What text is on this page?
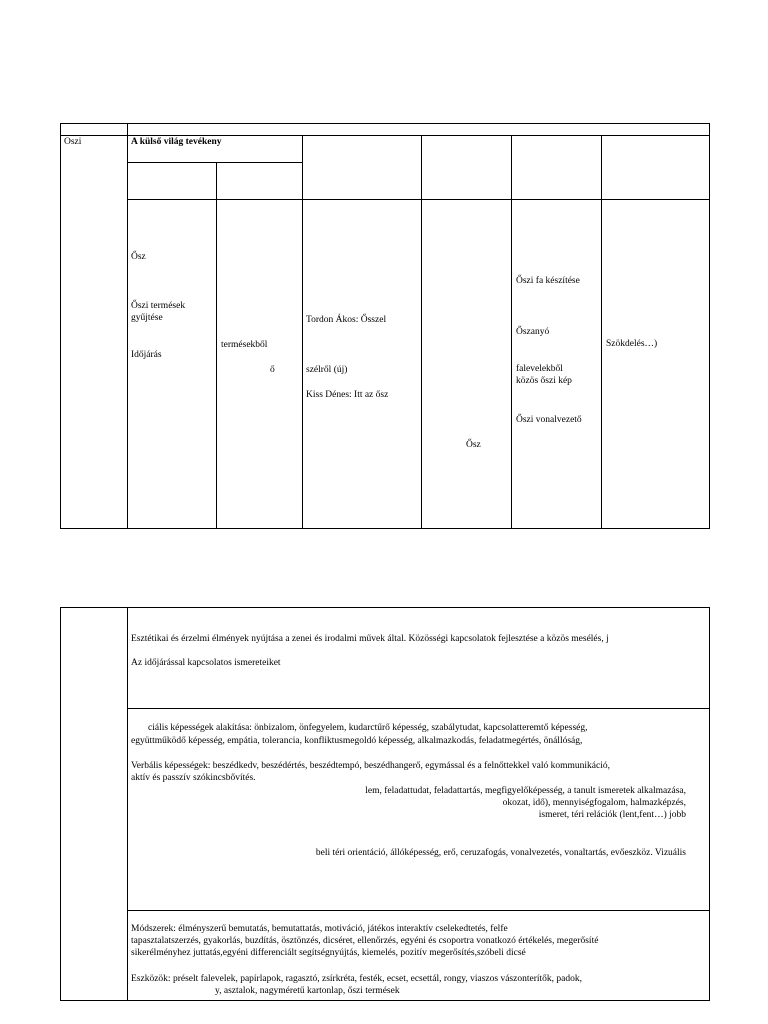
Oszi	A külső világ tevékeny
Ősz
Őszi termések
gyűjtése
Időjárás
termésekből
ő
Tordon Ákos: Ősszel
szélről (új)
Kiss Dénes: Itt az ősz
Ősz
Őszi fa készítése
Őszanyó
falevelekből
közös őszi kép
Őszi vonalvezető
Szökdelés…)
Esztétikai és érzelmi élmények nyújtása a zenei és irodalmi művek által. Közösségi kapcsolatok fejlesztése a közös mesélés, j
Az időjárással kapcsolatos ismereteiket
ciális képességek alakítása: önbizalom, önfegyelem, kudarctűrő képesség, szabálytudat, kapcsolatteremtő képesség,
együttműködő képesség, empátia, tolerancia, konfliktusmegoldó képesség, alkalmazkodás, feladatmegértés, önállóság,
Verbális képességek: beszédkedv, beszédértés, beszédtempó, beszédhangerő, egymással és a felnőttekkel való kommunikáció,
aktív és passzív szókincsbővítés.
lem, feladattudat, feladattartás, megfigyelőképesség, a tanult ismeretek alkalmazása,
okozat, idő), mennyiségfogalom, halmazképzés,
ismeret, téri relációk (lent,fent…) jobb
beli téri orientáció, állóképesség, erő, ceruzafogás, vonalvezetés, vonaltartás, evőeszköz. Vizuális
Módszerek: élményszerű bemutatás, bemutattatás, motiváció, játékos interaktív cselekedtetés, felfe
tapasztalatszerzés, gyakorlás, buzdítás, ösztönzés, dicséret, ellenőrzés, egyéni és csoportra vonatkozó értékelés, megerősíté
sikerélményhez juttatás,egyéni differenciált segítségnyújtás, kiemelés, pozitív megerősítés,szóbeli dicsé
Eszközök: préselt falevelek, papírlapok, ragasztó, zsírkréta, festék, ecset, ecsettál, rongy, viaszos vászonterítők, padok,
y, asztalok, nagyméretű kartonlap, őszi termések
